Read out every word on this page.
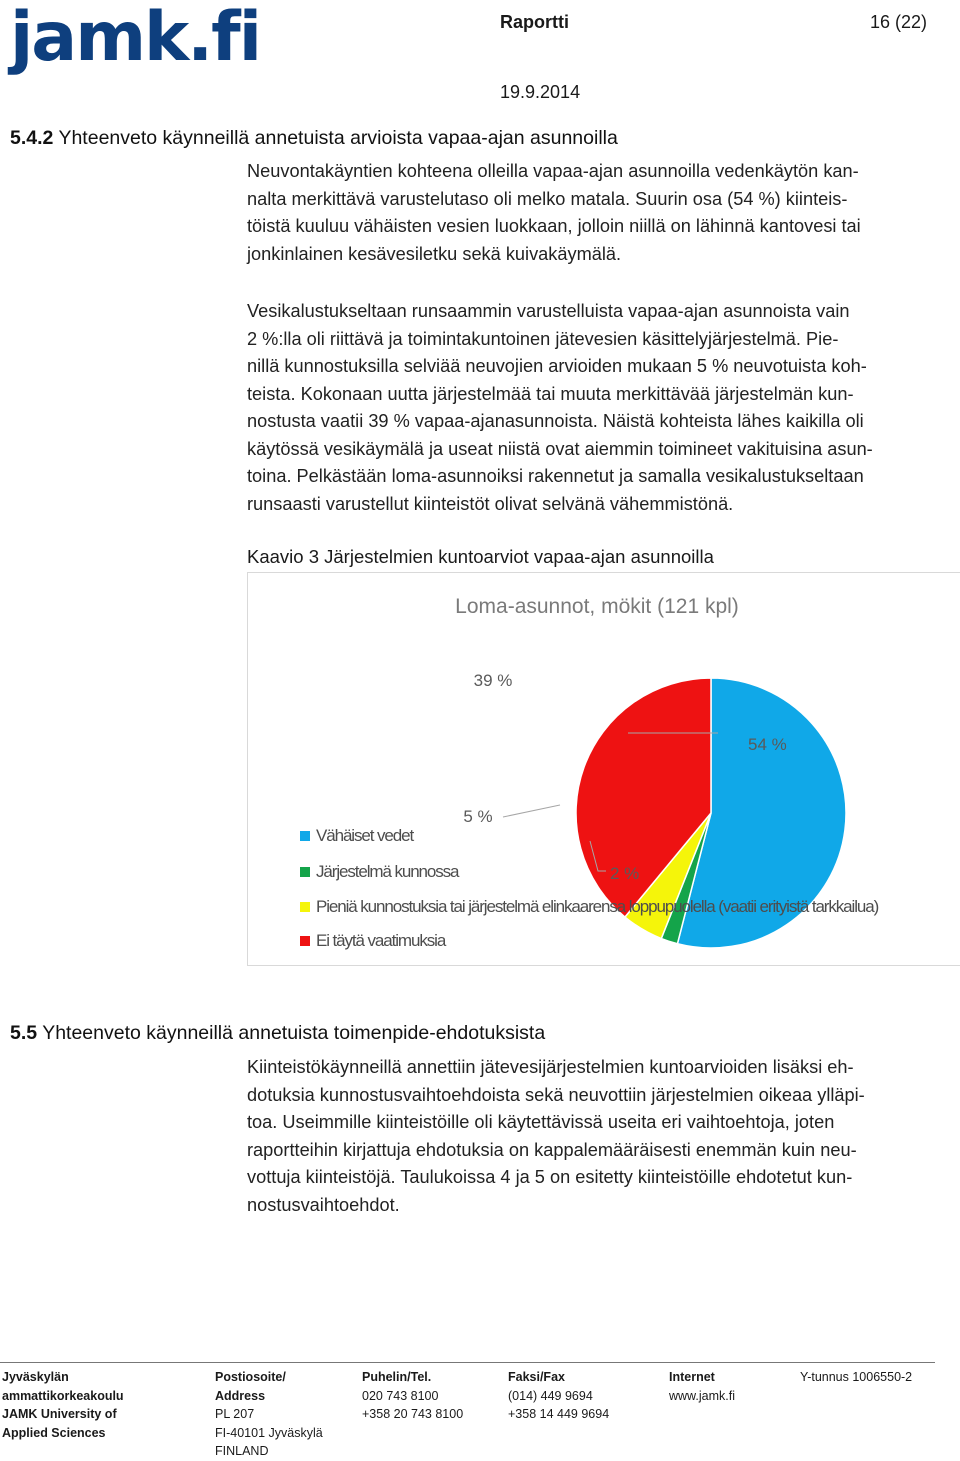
jamk.fi	Raportti	16 (22)
19.9.2014
5.4.2 Yhteenveto käynneillä annetuista arvioista vapaa-ajan asunnoilla

Neuvontakäyntien kohteena olleilla vapaa-ajan asunnoilla vedenkäytön kan-

nalta merkittävä varustelutaso oli melko matala. Suurin osa (54 %) kiinteis-

töistä kuuluu vähäisten vesien luokkaan, jolloin niillä on lähinnä kantovesi tai

jonkinlainen kesävesiletku sekä kuivakäymälä.

Vesikalustukseltaan runsaammin varustelluista vapaa-ajan asunnoista vain

2 %:lla oli riittävä ja toimintakuntoinen jätevesien käsittelyjärjestelmä. Pie-

nillä kunnostuksilla selviää neuvojien arvioiden mukaan 5 % neuvotuista koh-

teista. Kokonaan uutta järjestelmää tai muuta merkittävää järjestelmän kun-

nostusta vaatii 39 % vapaa-ajanasunnoista. Näistä kohteista lähes kaikilla oli

käytössä vesikäymälä ja useat niistä ovat aiemmin toimineet vakituisina asun-

toina. Pelkästään loma-asunnoiksi rakennetut ja samalla vesikalustukseltaan

runsaasti varustellut kiinteistöt olivat selvänä vähemmistönä.

Kaavio 3 Järjestelmien kuntoarviot vapaa-ajan asunnoilla
Loma-asunnot, mökit (121 kpl)
54 %
2 %
5 %
39 %
Vähäiset vedet
Järjestelmä kunnossa
Pieniä kunnostuksia tai järjestelmä elinkaarensa loppupuolella (vaatii erityistä tarkkailua)
Ei täytä vaatimuksia
5.5 Yhteenveto käynneillä annetuista toimenpide-ehdotuksista

Kiinteistökäynneillä annettiin jätevesijärjestelmien kuntoarvioiden lisäksi eh-

dotuksia kunnostusvaihtoehdoista sekä neuvottiin järjestelmien oikeaa ylläpi-

toa. Useimmille kiinteistöille oli käytettävissä useita eri vaihtoehtoja, joten

raportteihin kirjattuja ehdotuksia on kappalemääräisesti enemmän kuin neu-

vottuja kiinteistöjä. Taulukoissa 4 ja 5 on esitetty kiinteistöille ehdotetut kun-

nostusvaihtoehdot.

Jyväskylän
ammattikorkeakoulu
JAMK University of
Applied Sciences
Postiosoite/
Address
PL 207
FI-40101 Jyväskylä
FINLAND
Puhelin/Tel.
020 743 8100
+358 20 743 8100
Faksi/Fax
(014) 449 9694
+358 14 449 9694
Internet
www.jamk.fi
Y-tunnus 1006550-2
